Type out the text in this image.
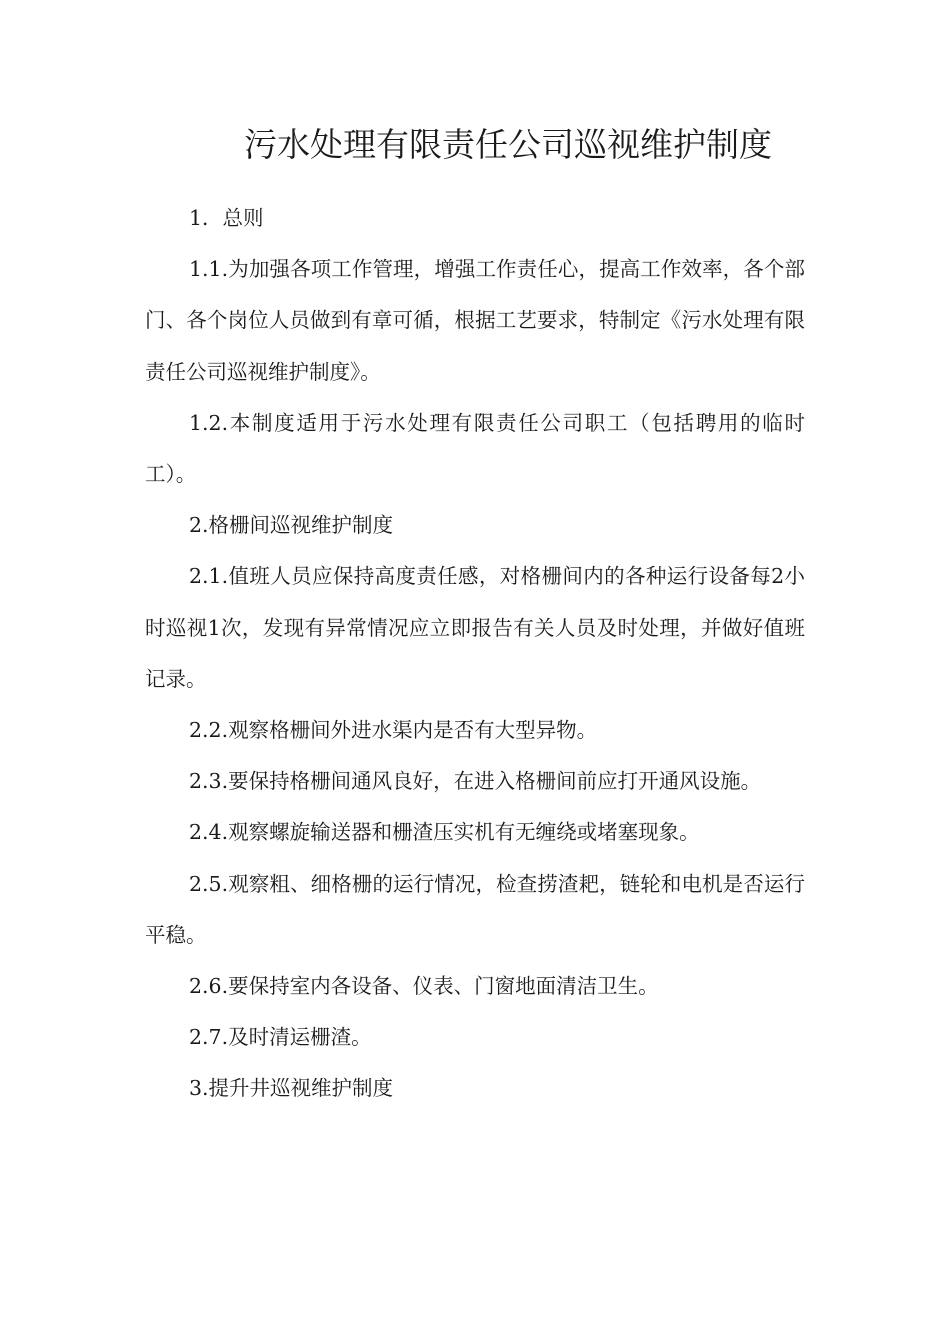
污水处理有限责任公司巡视维护制度

1．总则

1.1.为加强各项工作管理，增强工作责任心，提高工作效率，各个部门、各个岗位人员做到有章可循，根据工艺要求，特制定《污水处理有限责任公司巡视维护制度》。

1.2.本制度适用于污水处理有限责任公司职工（包括聘用的临时工）。

2.格栅间巡视维护制度

2.1.值班人员应保持高度责任感，对格栅间内的各种运行设备每2小时巡视1次，发现有异常情况应立即报告有关人员及时处理，并做好值班记录。

2.2.观察格栅间外进水渠内是否有大型异物。

2.3.要保持格栅间通风良好，在进入格栅间前应打开通风设施。

2.4.观察螺旋输送器和栅渣压实机有无缠绕或堵塞现象。

2.5.观察粗、细格栅的运行情况，检查捞渣耙，链轮和电机是否运行平稳。

2.6.要保持室内各设备、仪表、门窗地面清洁卫生。

2.7.及时清运栅渣。

3.提升井巡视维护制度
